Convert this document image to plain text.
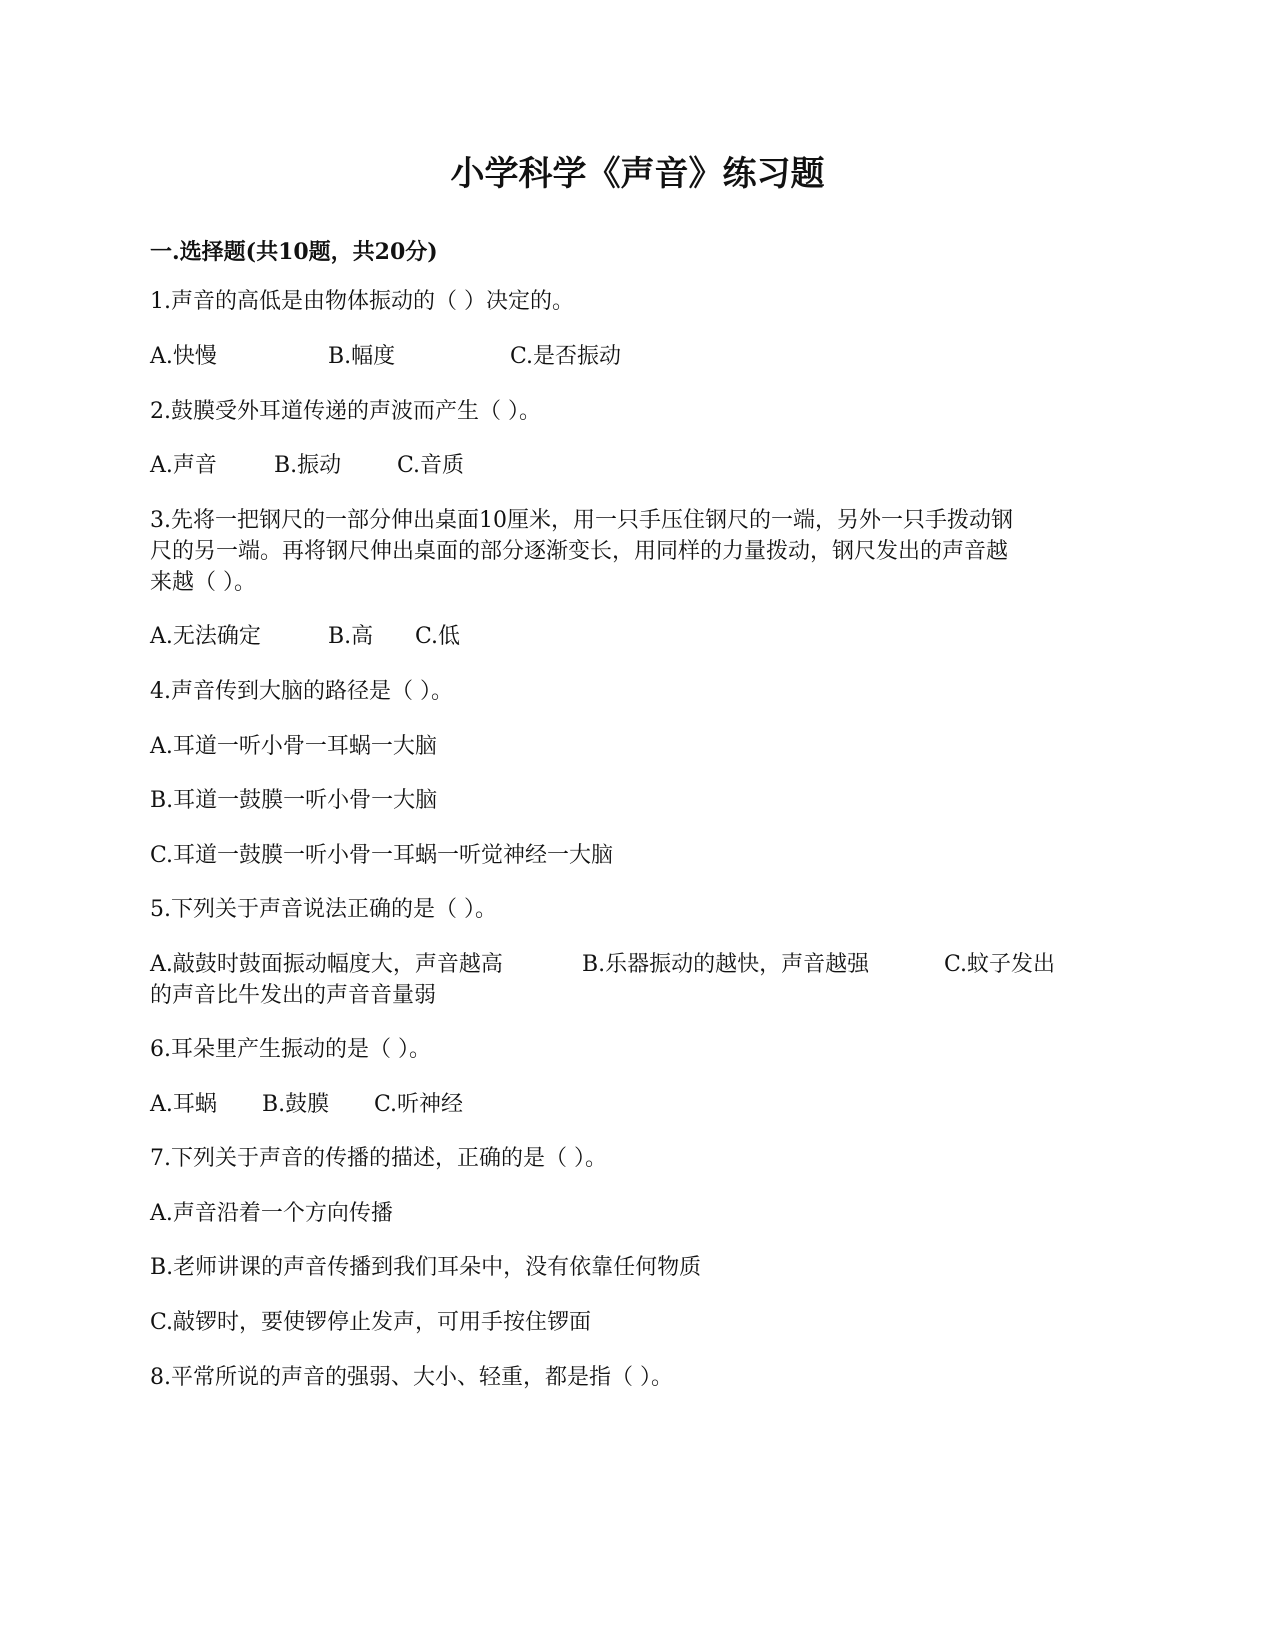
小学科学《声音》练习题
一.选择题(共10题，共20分)
1.声音的高低是由物体振动的（ ）决定的。
A.快慢	B.幅度	C.是否振动
2.鼓膜受外耳道传递的声波而产生（ ）。
A.声音	B.振动	C.音质
3.先将一把钢尺的一部分伸出桌面10厘米，用一只手压住钢尺的一端，另外一只手拨动钢
尺的另一端。再将钢尺伸出桌面的部分逐渐变长，用同样的力量拨动，钢尺发出的声音越
来越（ ）。
A.无法确定	B.高 C.低
4.声音传到大脑的路径是（ ）。
A.耳道一听小骨一耳蜗一大脑
B.耳道一鼓膜一听小骨一大脑
C.耳道一鼓膜一听小骨一耳蜗一听觉神经一大脑
5.下列关于声音说法正确的是（ ）。
A.敲鼓时鼓面振动幅度大，声音越高	B.乐器振动的越快，声音越强	C.蚊子发出
的声音比牛发出的声音音量弱
6.耳朵里产生振动的是（ ）。
A.耳蜗 B.鼓膜 C.听神经
7.下列关于声音的传播的描述，正确的是（ ）。
A.声音沿着一个方向传播
B.老师讲课的声音传播到我们耳朵中，没有依靠任何物质
C.敲锣时，要使锣停止发声，可用手按住锣面
8.平常所说的声音的强弱、大小、轻重，都是指（ ）。
